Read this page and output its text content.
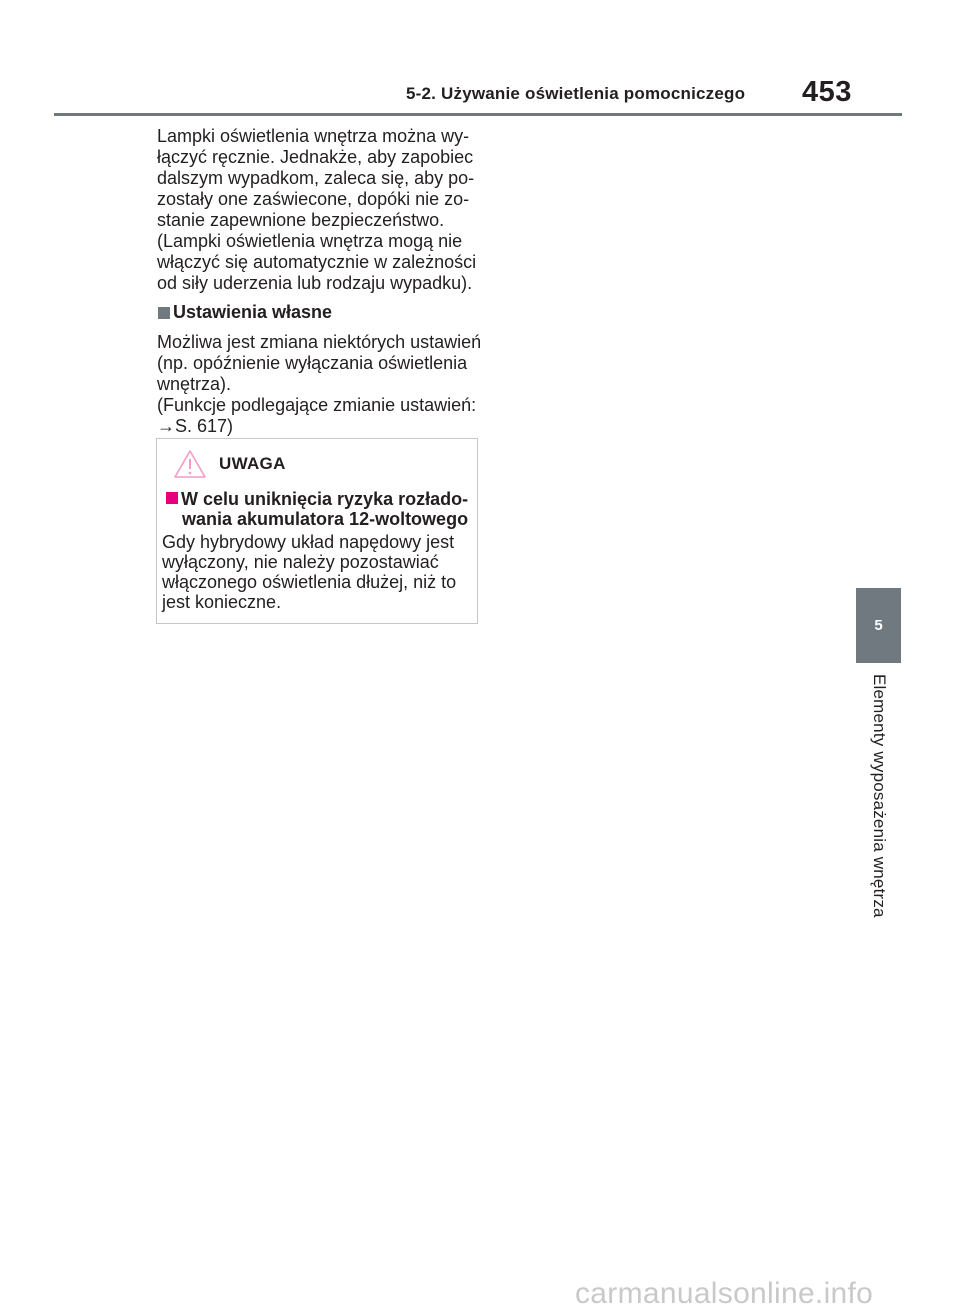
5-2. Używanie oświetlenia pomocniczego 453

Lampki oświetlenia wnętrza można wy-
łączyć ręcznie. Jednakże, aby zapobiec
dalszym wypadkom, zaleca się, aby po-
zostały one zaświecone, dopóki nie zo-
stanie zapewnione bezpieczeństwo.
(Lampki oświetlenia wnętrza mogą nie
włączyć się automatycznie w zależności
od siły uderzenia lub rodzaju wypadku).

Ustawienia własne

Możliwa jest zmiana niektórych ustawień
(np. opóźnienie wyłączania oświetlenia
wnętrza).
(Funkcje podlegające zmianie ustawień:
→S. 617)

UWAGA
W celu uniknięcia ryzyka rozłado-
wania akumulatora 12-woltowego
Gdy hybrydowy układ napędowy jest
wyłączony, nie należy pozostawiać
włączonego oświetlenia dłużej, niż to
jest konieczne.
5
Elementy wyposażenia wnętrza
carmanualsonline.info
